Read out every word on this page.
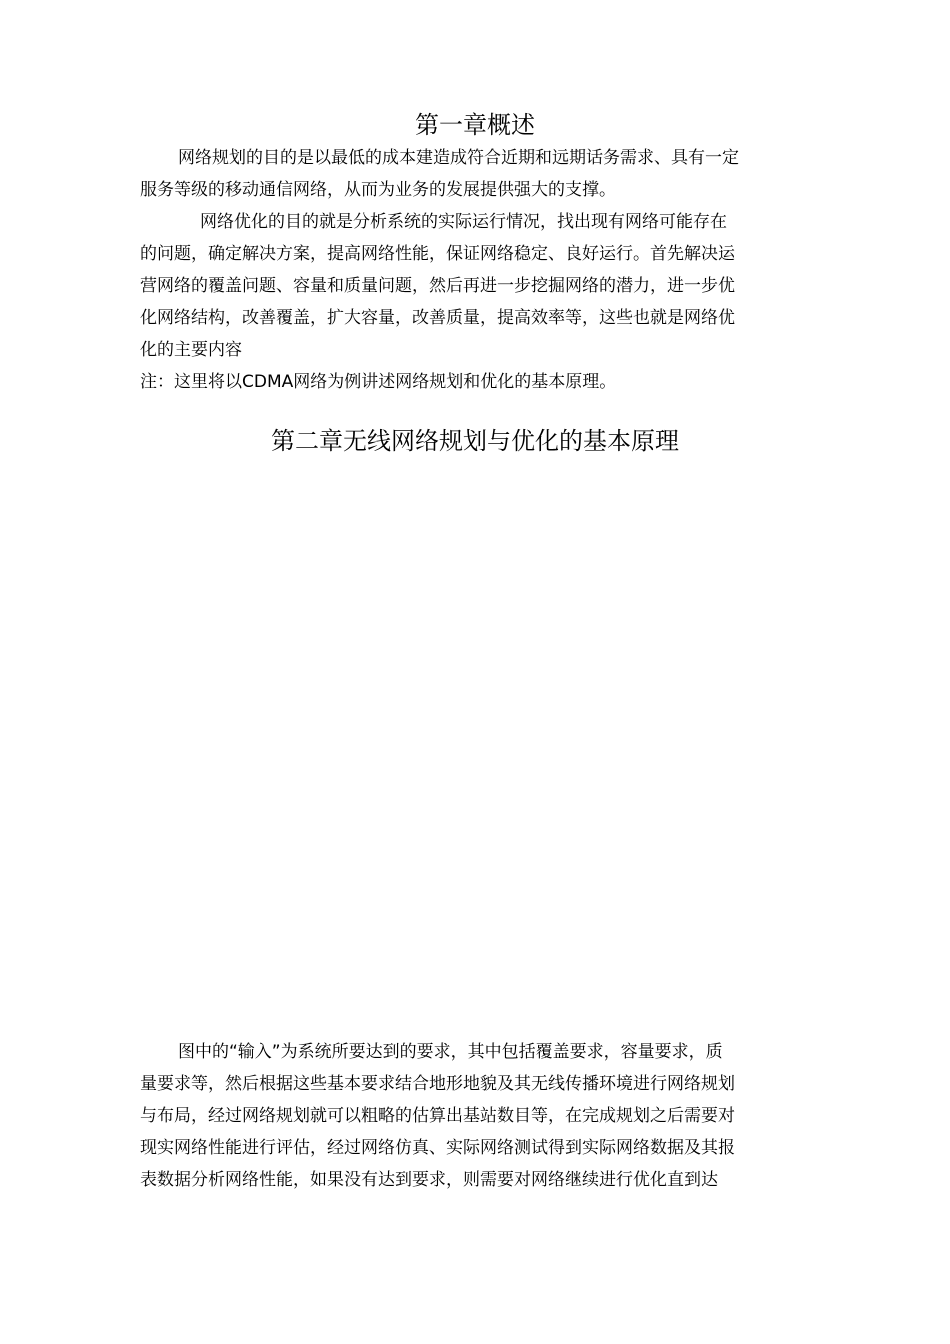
第一章概述

网络规划的目的是以最低的成本建造成符合近期和远期话务需求、具有一定

服务等级的移动通信网络，从而为业务的发展提供强大的支撑。

网络优化的目的就是分析系统的实际运行情况，找出现有网络可能存在

的问题，确定解决方案，提高网络性能，保证网络稳定、良好运行。首先解决运

营网络的覆盖问题、容量和质量问题，然后再进一步挖掘网络的潜力，进一步优

化网络结构，改善覆盖，扩大容量，改善质量，提高效率等，这些也就是网络优

化的主要内容

注：这里将以CDMA网络为例讲述网络规划和优化的基本原理。

第二章无线网络规划与优化的基本原理

图中的“输入”为系统所要达到的要求，其中包括覆盖要求，容量要求，质

量要求等，然后根据这些基本要求结合地形地貌及其无线传播环境进行网络规划

与布局，经过网络规划就可以粗略的估算出基站数目等，在完成规划之后需要对

现实网络性能进行评估，经过网络仿真、实际网络测试得到实际网络数据及其报

表数据分析网络性能，如果没有达到要求，则需要对网络继续进行优化直到达
